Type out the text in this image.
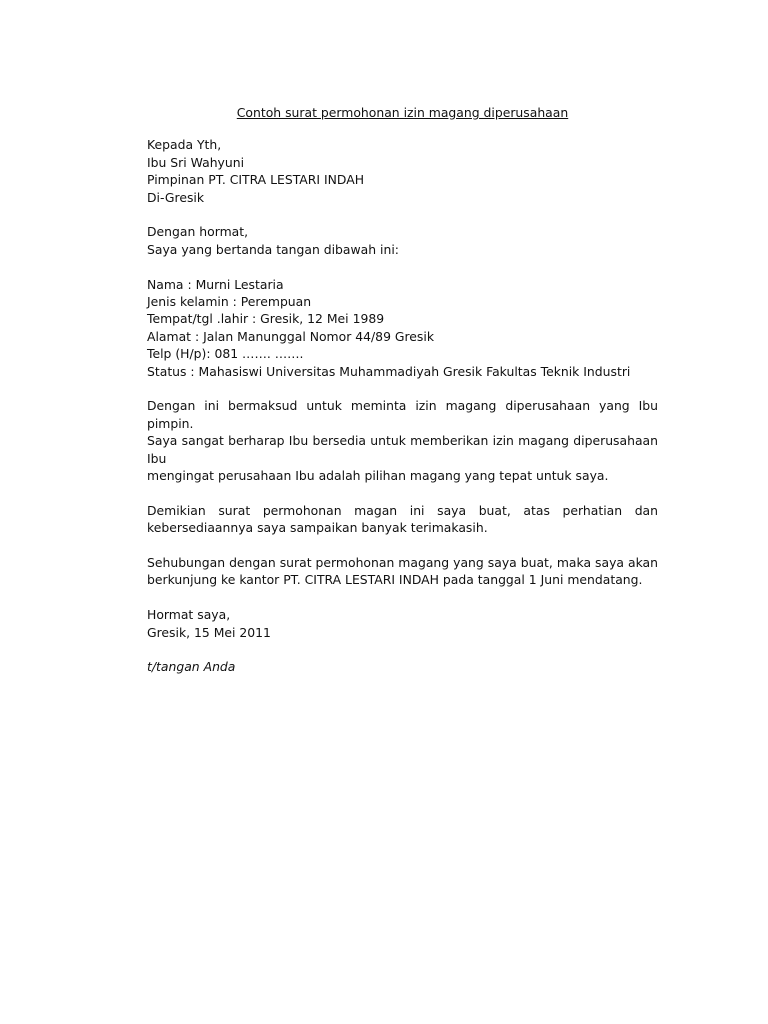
Contoh surat permohonan izin magang diperusahaan
Kepada Yth,
Ibu Sri Wahyuni
Pimpinan PT. CITRA LESTARI INDAH
Di-Gresik
Dengan hormat,
Saya yang bertanda tangan dibawah ini:
Nama : Murni Lestaria
Jenis kelamin : Perempuan
Tempat/tgl .lahir : Gresik, 12 Mei 1989
Alamat : Jalan Manunggal Nomor 44/89 Gresik
Telp (H/p): 081 ……. …….
Status : Mahasiswi Universitas Muhammadiyah Gresik Fakultas Teknik Industri
Dengan ini bermaksud untuk meminta izin magang diperusahaan yang Ibu pimpin.
Saya sangat berharap Ibu bersedia untuk memberikan izin magang diperusahaan Ibu
mengingat perusahaan Ibu adalah pilihan magang yang tepat untuk saya.
Demikian surat permohonan magan ini saya buat, atas perhatian dan
kebersediaannya saya sampaikan banyak terimakasih.
Sehubungan dengan surat permohonan magang yang saya buat, maka saya akan
berkunjung ke kantor PT. CITRA LESTARI INDAH pada tanggal 1 Juni mendatang.
Hormat saya,
Gresik, 15 Mei 2011
t/tangan Anda
